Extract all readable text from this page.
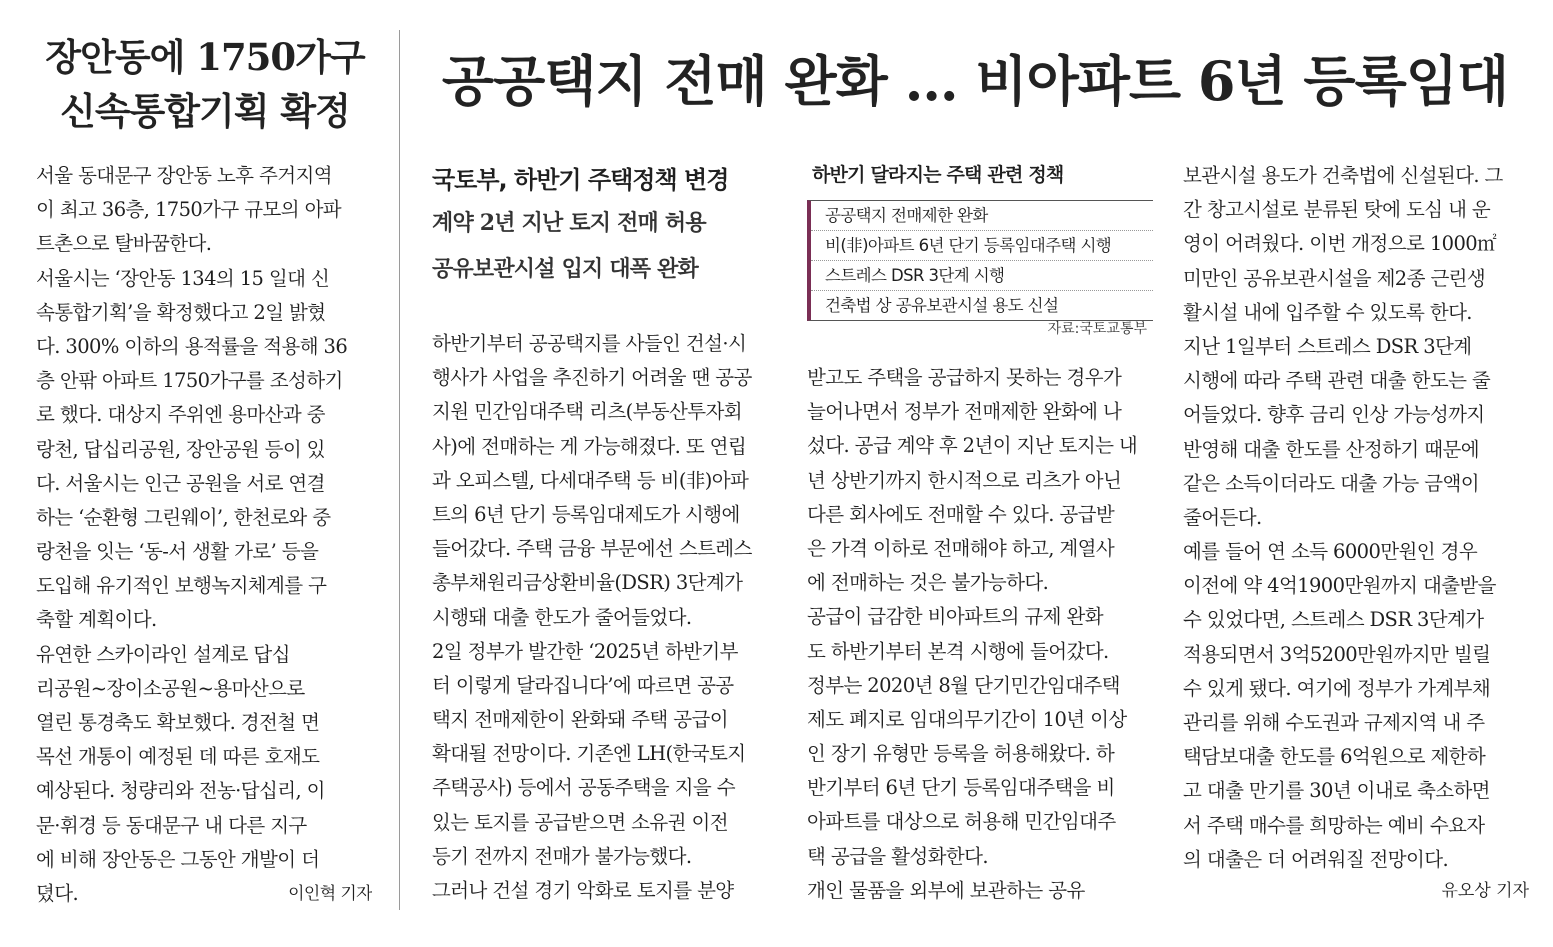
장안동에 1750가구
신속통합기획 확정	공공택지 전매 완화 … 비아파트 6년 등록임대
서울 동대문구 장안동 노후 주거지역
이 최고 36층, 1750가구 규모의 아파
트촌으로 탈바꿈한다.
서울시는 ‘장안동 134의 15 일대 신
속통합기획’을 확정했다고 2일 밝혔
다. 300% 이하의 용적률을 적용해 36
층 안팎 아파트 1750가구를 조성하기
로 했다. 대상지 주위엔 용마산과 중
랑천, 답십리공원, 장안공원 등이 있
다. 서울시는 인근 공원을 서로 연결
하는 ‘순환형 그린웨이’, 한천로와 중
랑천을 잇는 ‘동-서 생활 가로’ 등을
도입해 유기적인 보행녹지체계를 구
축할 계획이다.
유연한 스카이라인 설계로 답십
리공원~장이소공원~용마산으로
열린 통경축도 확보했다. 경전철 면
목선 개통이 예정된 데 따른 호재도
예상된다. 청량리와 전농·답십리, 이
문·휘경 등 동대문구 내 다른 지구
에 비해 장안동은 그동안 개발이 더
뎠다.	이인혁 기자
국토부, 하반기 주택정책 변경
계약 2년 지난 토지 전매 허용
공유보관시설 입지 대폭 완화
하반기 달라지는 주택 관련 정책
공공택지 전매제한 완화
비(非)아파트 6년 단기 등록임대주택 시행
스트레스 DSR 3단계 시행
건축법 상 공유보관시설 용도 신설
자료:국토교통부
하반기부터 공공택지를 사들인 건설·시
행사가 사업을 추진하기 어려울 땐 공공
지원 민간임대주택 리츠(부동산투자회
사)에 전매하는 게 가능해졌다. 또 연립
과 오피스텔, 다세대주택 등 비(非)아파
트의 6년 단기 등록임대제도가 시행에
들어갔다. 주택 금융 부문에선 스트레스
총부채원리금상환비율(DSR) 3단계가
시행돼 대출 한도가 줄어들었다.
2일 정부가 발간한 ‘2025년 하반기부
터 이렇게 달라집니다’에 따르면 공공
택지 전매제한이 완화돼 주택 공급이
확대될 전망이다. 기존엔 LH(한국토지
주택공사) 등에서 공동주택을 지을 수
있는 토지를 공급받으면 소유권 이전
등기 전까지 전매가 불가능했다.
그러나 건설 경기 악화로 토지를 분양
받고도 주택을 공급하지 못하는 경우가
늘어나면서 정부가 전매제한 완화에 나
섰다. 공급 계약 후 2년이 지난 토지는 내
년 상반기까지 한시적으로 리츠가 아닌
다른 회사에도 전매할 수 있다. 공급받
은 가격 이하로 전매해야 하고, 계열사
에 전매하는 것은 불가능하다.
공급이 급감한 비아파트의 규제 완화
도 하반기부터 본격 시행에 들어갔다.
정부는 2020년 8월 단기민간임대주택
제도 폐지로 임대의무기간이 10년 이상
인 장기 유형만 등록을 허용해왔다. 하
반기부터 6년 단기 등록임대주택을 비
아파트를 대상으로 허용해 민간임대주
택 공급을 활성화한다.
개인 물품을 외부에 보관하는 공유
보관시설 용도가 건축법에 신설된다. 그
간 창고시설로 분류된 탓에 도심 내 운
영이 어려웠다. 이번 개정으로 1000㎡
미만인 공유보관시설을 제2종 근린생
활시설 내에 입주할 수 있도록 한다.
지난 1일부터 스트레스 DSR 3단계
시행에 따라 주택 관련 대출 한도는 줄
어들었다. 향후 금리 인상 가능성까지
반영해 대출 한도를 산정하기 때문에
같은 소득이더라도 대출 가능 금액이
줄어든다.
예를 들어 연 소득 6000만원인 경우
이전에 약 4억1900만원까지 대출받을
수 있었다면, 스트레스 DSR 3단계가
적용되면서 3억5200만원까지만 빌릴
수 있게 됐다. 여기에 정부가 가계부채
관리를 위해 수도권과 규제지역 내 주
택담보대출 한도를 6억원으로 제한하
고 대출 만기를 30년 이내로 축소하면
서 주택 매수를 희망하는 예비 수요자
의 대출은 더 어려워질 전망이다.
유오상 기자
